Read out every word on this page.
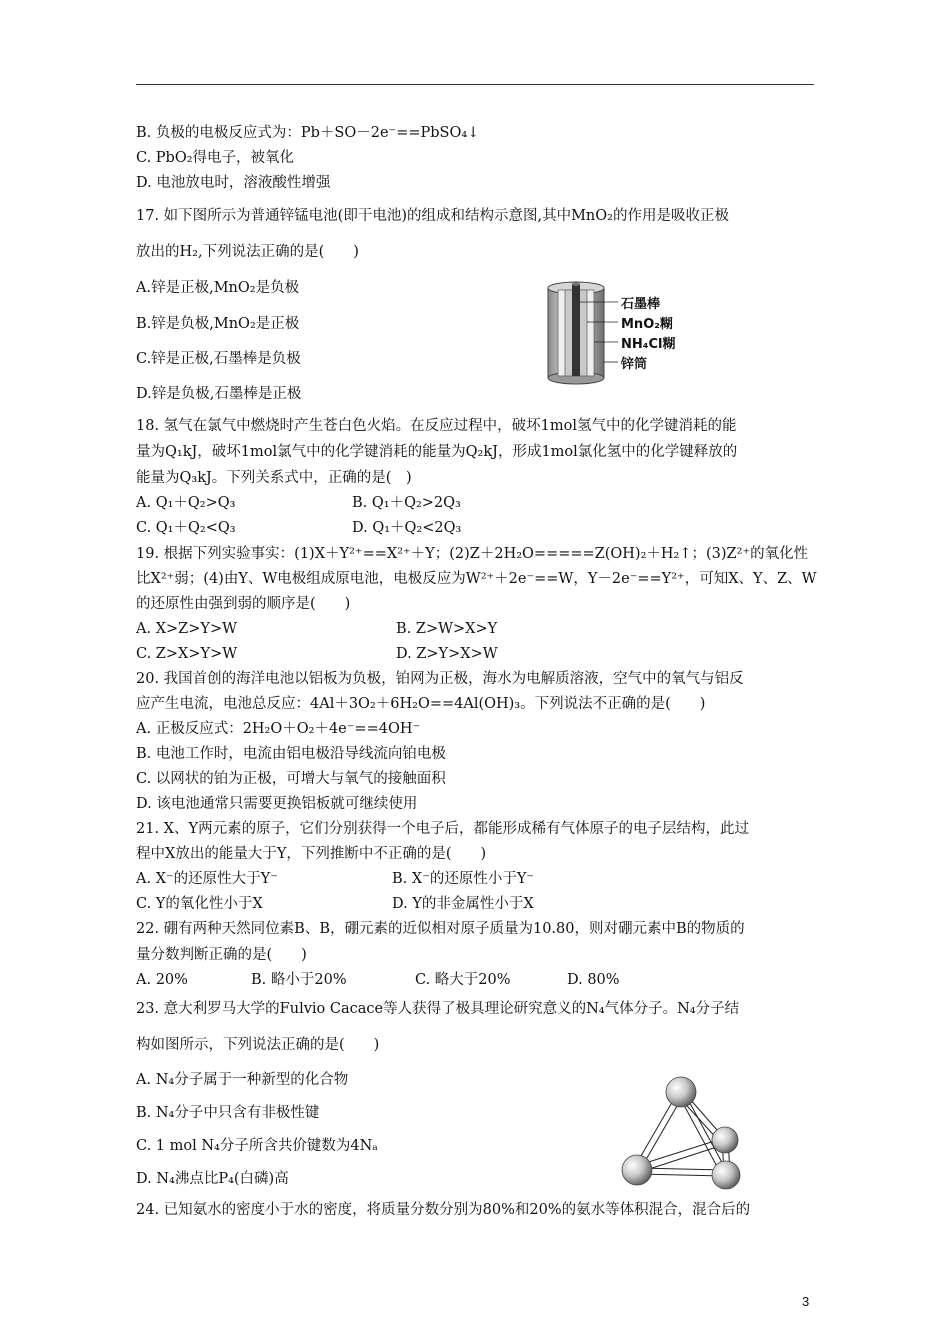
B. 负极的电极反应式为：Pb＋SO－2e⁻==PbSO₄↓
C. PbO₂得电子，被氧化
D. 电池放电时，溶液酸性增强
17. 如下图所示为普通锌锰电池(即干电池)的组成和结构示意图,其中MnO₂的作用是吸收正极
放出的H₂,下列说法正确的是(　　)
A.锌是正极,MnO₂是负极
B.锌是负极,MnO₂是正极
C.锌是正极,石墨棒是负极
D.锌是负极,石墨棒是正极
18. 氢气在氯气中燃烧时产生苍白色火焰。在反应过程中，破坏1mol氢气中的化学键消耗的能
量为Q₁kJ，破坏1mol氯气中的化学键消耗的能量为Q₂kJ，形成1mol氯化氢中的化学键释放的
能量为Q₃kJ。下列关系式中，正确的是(　)
A. Q₁＋Q₂>Q₃	B. Q₁＋Q₂>2Q₃
C. Q₁＋Q₂<Q₃	D. Q₁＋Q₂<2Q₃
19. 根据下列实验事实：(1)X＋Y²⁺==X²⁺＋Y；(2)Z＋2H₂O=====Z(OH)₂＋H₂↑；(3)Z²⁺的氧化性
比X²⁺弱；(4)由Y、W电极组成原电池，电极反应为W²⁺＋2e⁻==W，Y－2e⁻==Y²⁺，可知X、Y、Z、W
的还原性由强到弱的顺序是(　　)
A. X>Z>Y>W	B. Z>W>X>Y
C. Z>X>Y>W	D. Z>Y>X>W
20. 我国首创的海洋电池以铝板为负极，铂网为正极，海水为电解质溶液，空气中的氧气与铝反
应产生电流，电池总反应：4Al＋3O₂＋6H₂O==4Al(OH)₃。下列说法不正确的是(　　)
A. 正极反应式：2H₂O＋O₂＋4e⁻==4OH⁻
B. 电池工作时，电流由铝电极沿导线流向铂电极
C. 以网状的铂为正极，可增大与氧气的接触面积
D. 该电池通常只需要更换铝板就可继续使用
21. X、Y两元素的原子，它们分别获得一个电子后，都能形成稀有气体原子的电子层结构，此过
程中X放出的能量大于Y，下列推断中不正确的是(　　)
A. X⁻的还原性大于Y⁻	B. X⁻的还原性小于Y⁻
C. Y的氧化性小于X	D. Y的非金属性小于X
22. 硼有两种天然同位素B、B，硼元素的近似相对原子质量为10.80，则对硼元素中B的物质的
量分数判断正确的是(　　)
A. 20%	B. 略小于20%	C. 略大于20%	D. 80%
23. 意大利罗马大学的Fulvio Cacace等人获得了极具理论研究意义的N₄气体分子。N₄分子结
构如图所示，下列说法正确的是(　　)
A. N₄分子属于一种新型的化合物
B. N₄分子中只含有非极性键
C. 1 mol N₄分子所含共价键数为4Nₐ
D. N₄沸点比P₄(白磷)高
24. 已知氨水的密度小于水的密度，将质量分数分别为80%和20%的氨水等体积混合，混合后的
石墨棒
MnO₂糊
NH₄Cl糊
锌筒
3
